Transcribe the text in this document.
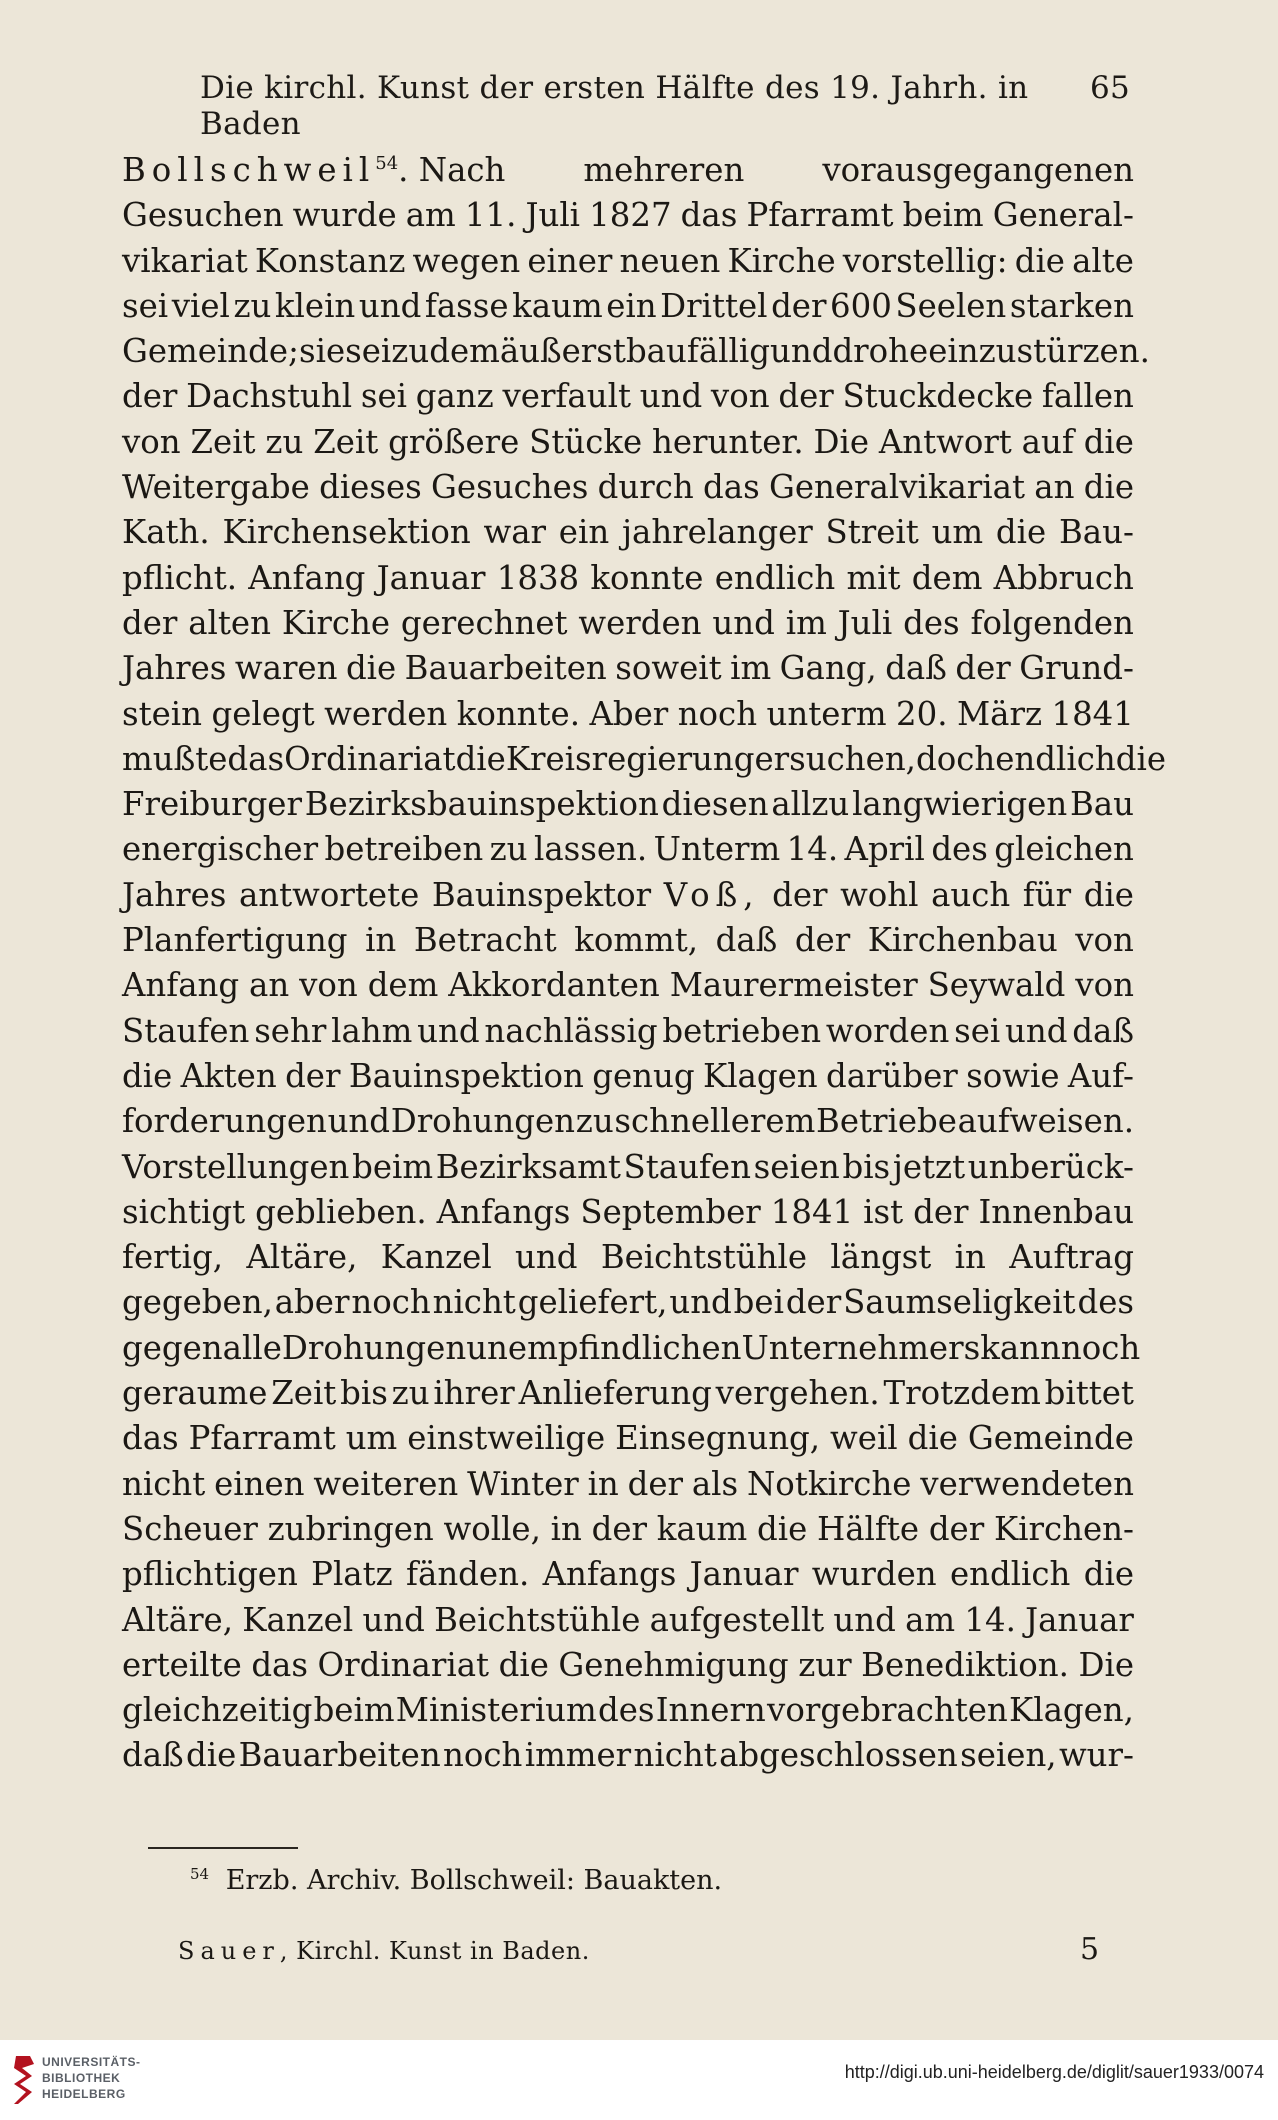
Die kirchl. Kunst der ersten Hälfte des 19. Jahrh. in Baden
65
Bollschweil$^{54}$. Nach mehreren vorausgegangenen
Gesuchen wurde am 11. Juli 1827 das Pfarramt beim General-
vikariat Konstanz wegen einer neuen Kirche vorstellig: die alte
sei viel zu klein und fasse kaum ein Drittel der 600 Seelen starken
Gemeinde; sie sei zudem äußerst baufällig und drohe einzustürzen.
der Dachstuhl sei ganz verfault und von der Stuckdecke fallen
von Zeit zu Zeit größere Stücke herunter. Die Antwort auf die
Weitergabe dieses Gesuches durch das Generalvikariat an die
Kath. Kirchensektion war ein jahrelanger Streit um die Bau-
pflicht. Anfang Januar 1838 konnte endlich mit dem Abbruch
der alten Kirche gerechnet werden und im Juli des folgenden
Jahres waren die Bauarbeiten soweit im Gang, daß der Grund-
stein gelegt werden konnte. Aber noch unterm 20. März 1841
mußte das Ordinariat die Kreisregierung ersuchen, doch endlich die
Freiburger Bezirksbauinspektion diesen allzu langwierigen Bau
energischer betreiben zu lassen. Unterm 14. April des gleichen
Jahres antwortete Bauinspektor Voß, der wohl auch für die
Planfertigung in Betracht kommt, daß der Kirchenbau von
Anfang an von dem Akkordanten Maurermeister Seywald von
Staufen sehr lahm und nachlässig betrieben worden sei und daß
die Akten der Bauinspektion genug Klagen darüber sowie Auf-
forderungen und Drohungen zu schnellerem Betriebe aufweisen.
Vorstellungen beim Bezirksamt Staufen seien bis jetzt unberück-
sichtigt geblieben. Anfangs September 1841 ist der Innenbau
fertig, Altäre, Kanzel und Beichtstühle längst in Auftrag
gegeben, aber noch nicht geliefert, und bei der Saumseligkeit des
gegen alle Drohungen unempfindlichen Unternehmers kann noch
geraume Zeit bis zu ihrer Anlieferung vergehen. Trotzdem bittet
das Pfarramt um einstweilige Einsegnung, weil die Gemeinde
nicht einen weiteren Winter in der als Notkirche verwendeten
Scheuer zubringen wolle, in der kaum die Hälfte der Kirchen-
pflichtigen Platz fänden. Anfangs Januar wurden endlich die
Altäre, Kanzel und Beichtstühle aufgestellt und am 14. Januar
erteilte das Ordinariat die Genehmigung zur Benediktion. Die
gleichzeitig beim Ministerium des Innern vorgebrachten Klagen,
daß die Bauarbeiten noch immer nicht abgeschlossen seien, wur-
$^{54}$ Erzb. Archiv. Bollschweil: Bauakten.
Sauer, Kirchl. Kunst in Baden.	5
UNIVERSITÄTS-
BIBLIOTHEK
HEIDELBERG
http://digi.ub.uni-heidelberg.de/diglit/sauer1933/0074
